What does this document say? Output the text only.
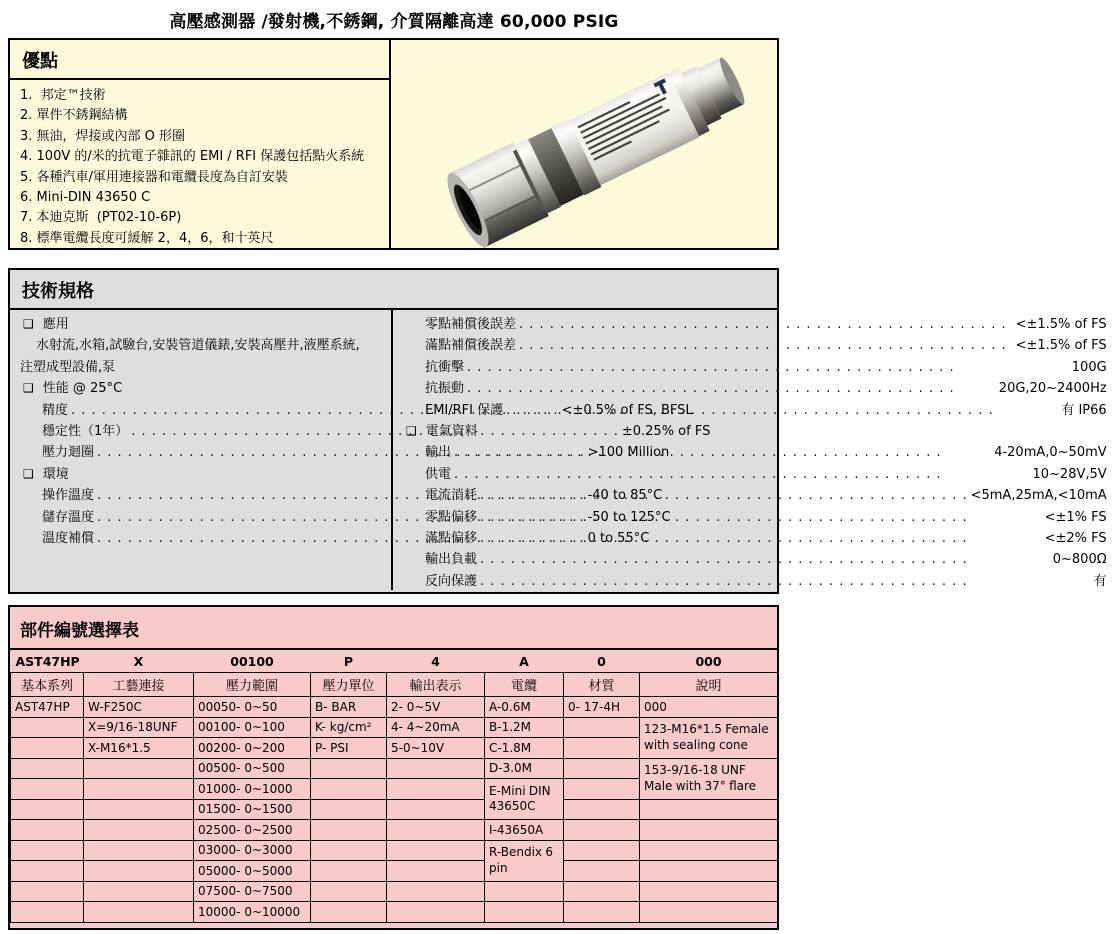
高壓感測器 /發射機,不銹鋼, 介質隔離高達 60,000 PSIG
優點
1.  邦定™技術
2. 單件不銹鋼結構
3. 無油，焊接或內部 O 形圈
4. 100V 的/米的抗電子雜訊的 EMI / RFI 保護包括點火系統
5. 各種汽車/軍用連接器和電纜長度為自訂安裝
6. Mini-DIN 43650 C
7. 本迪克斯  (PT02-10-6P)
8. 標準電纜長度可緩解 2，4，6，和十英尺
技術規格
❑ 應用
水射流,水箱,試驗台,安裝管道儀錶,安裝高壓井,液壓系統,
注塑成型設備,泵
❑ 性能 @ 25°C
精度 . . .	<±0.5% of FS, BFSL
穩定性（1年） . . .	±0.25% of FS
壓力迴圈 . . .	>100 Million
❑ 環境
操作溫度 . . .	-40 to 85°C
儲存溫度 . . .	-50 to 125°C
溫度補償 . . .	0 to 55°C
零點補償後誤差 . . .	<±1.5% of FS
滿點補償後誤差 . . .	<±1.5% of FS
抗衝擊 . . .	100G
抗振動 . . .	20G,20~2400Hz
EMI/RFI 保護 . . .	有 IP66
❑ 電氣資料
輸出 . . .	4-20mA,0~50mV
供電 . . .	10~28V,5V
電流消耗 . . .	<5mA,25mA,<10mA
零點偏移 . . .	<±1% FS
滿點偏移 . . .	<±2% FS
輸出負載 . . .	0~800Ω
反向保護 . . .	有
部件編號選擇表
AST47HP	X	00100	P	4	A	0	000
基本系列	工藝連接	壓力範圍	壓力單位	輸出表示	電纜	材質	說明
AST47HP	W-F250C	00050- 0~50	B- BAR	2- 0~5V	A-0.6M	0- 17-4H	000
	X=9/16-18UNF	00100- 0~100	K- kg/cm²	4- 4~20mA	B-1.2M		123-M16*1.5 Female with sealing cone
	X-M16*1.5	00200- 0~200	P- PSI	5-0~10V	C-1.8M		
		00500- 0~500			D-3.0M		153-9/16-18 UNF Male with 37° flare
		01000- 0~1000			E-Mini DIN 43650C		
		01500- 0~1500					
		02500- 0~2500			I-43650A		
		03000- 0~3000			R-Bendix 6 pin		
		05000- 0~5000					
		07500- 0~7500					
		10000- 0~10000					
